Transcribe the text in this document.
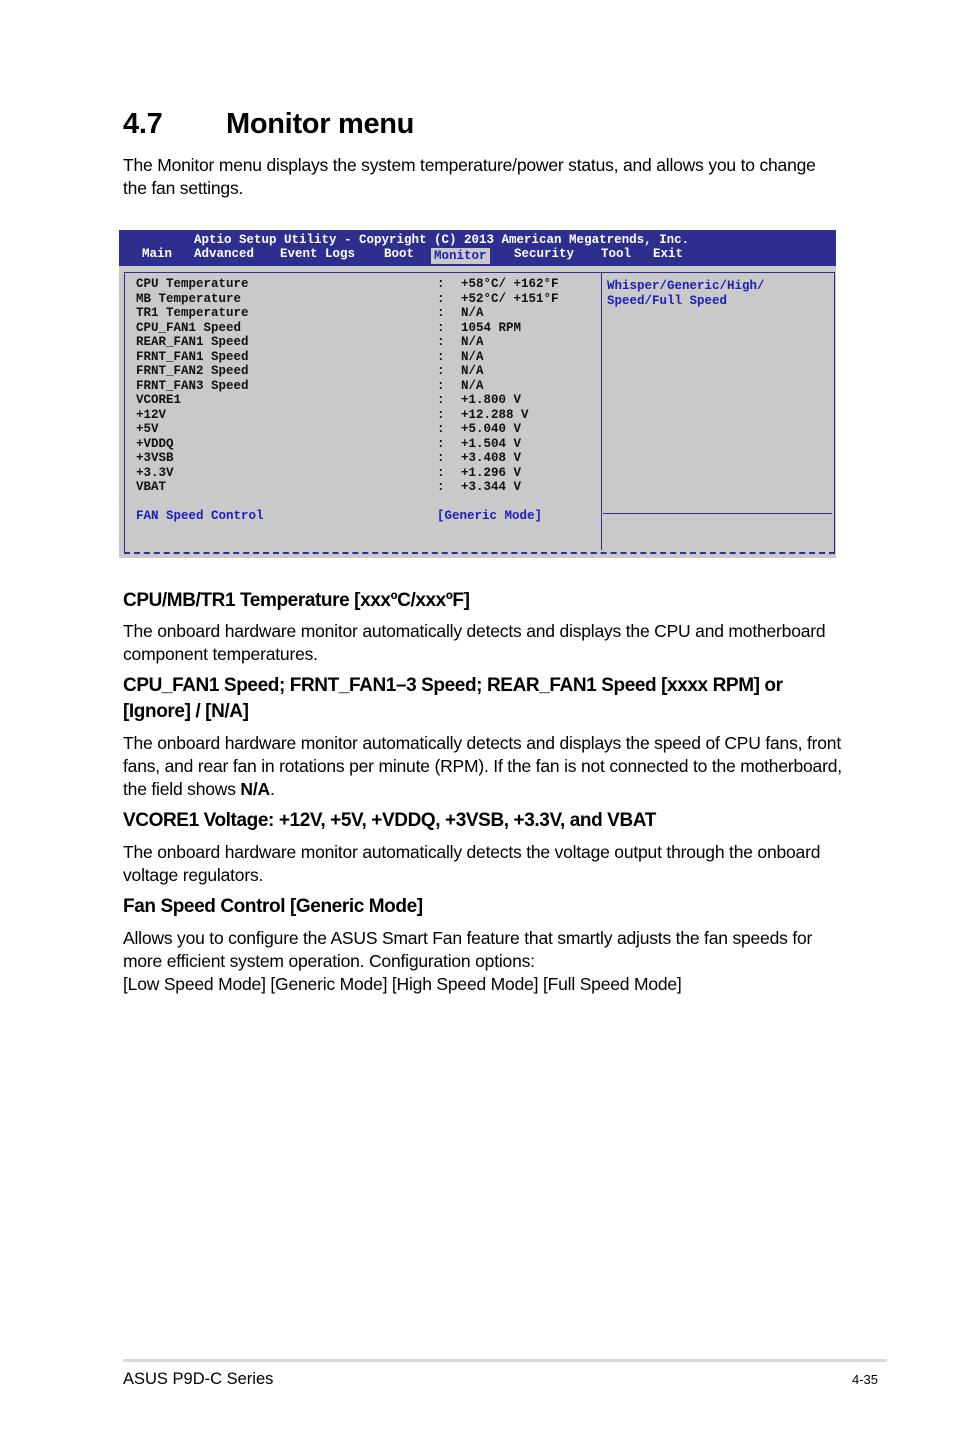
4.7	Monitor menu

The Monitor menu displays the system temperature/power status, and allows you to change the fan settings.

Aptio Setup Utility - Copyright (C) 2013 American Megatrends, Inc.
Main Advanced Event Logs Boot Monitor Security Tool Exit
CPU Temperature	: +58°C/ +162°F
MB Temperature	: +52°C/ +151°F
TR1 Temperature	: N/A
CPU_FAN1 Speed	: 1054 RPM
REAR_FAN1 Speed	: N/A
FRNT_FAN1 Speed	: N/A
FRNT_FAN2 Speed	: N/A
FRNT_FAN3 Speed	: N/A
VCORE1	: +1.800 V
+12V	: +12.288 V
+5V	: +5.040 V
+VDDQ	: +1.504 V
+3VSB	: +3.408 V
+3.3V	: +1.296 V
VBAT	: +3.344 V
FAN Speed Control	[Generic Mode]
Whisper/Generic/High/
Speed/Full Speed
CPU/MB/TR1 Temperature [xxxºC/xxxºF]

The onboard hardware monitor automatically detects and displays the CPU and motherboard component temperatures.

CPU_FAN1 Speed; FRNT_FAN1–3 Speed; REAR_FAN1 Speed [xxxx RPM] or [Ignore] / [N/A]

The onboard hardware monitor automatically detects and displays the speed of CPU fans, front fans, and rear fan in rotations per minute (RPM). If the fan is not connected to the motherboard, the field shows N/A.

VCORE1 Voltage: +12V, +5V, +VDDQ, +3VSB, +3.3V, and VBAT

The onboard hardware monitor automatically detects the voltage output through the onboard voltage regulators.

Fan Speed Control [Generic Mode]

Allows you to configure the ASUS Smart Fan feature that smartly adjusts the fan speeds for more efficient system operation. Configuration options:

[Low Speed Mode] [Generic Mode] [High Speed Mode] [Full Speed Mode]

ASUS P9D-C Series	4-35
